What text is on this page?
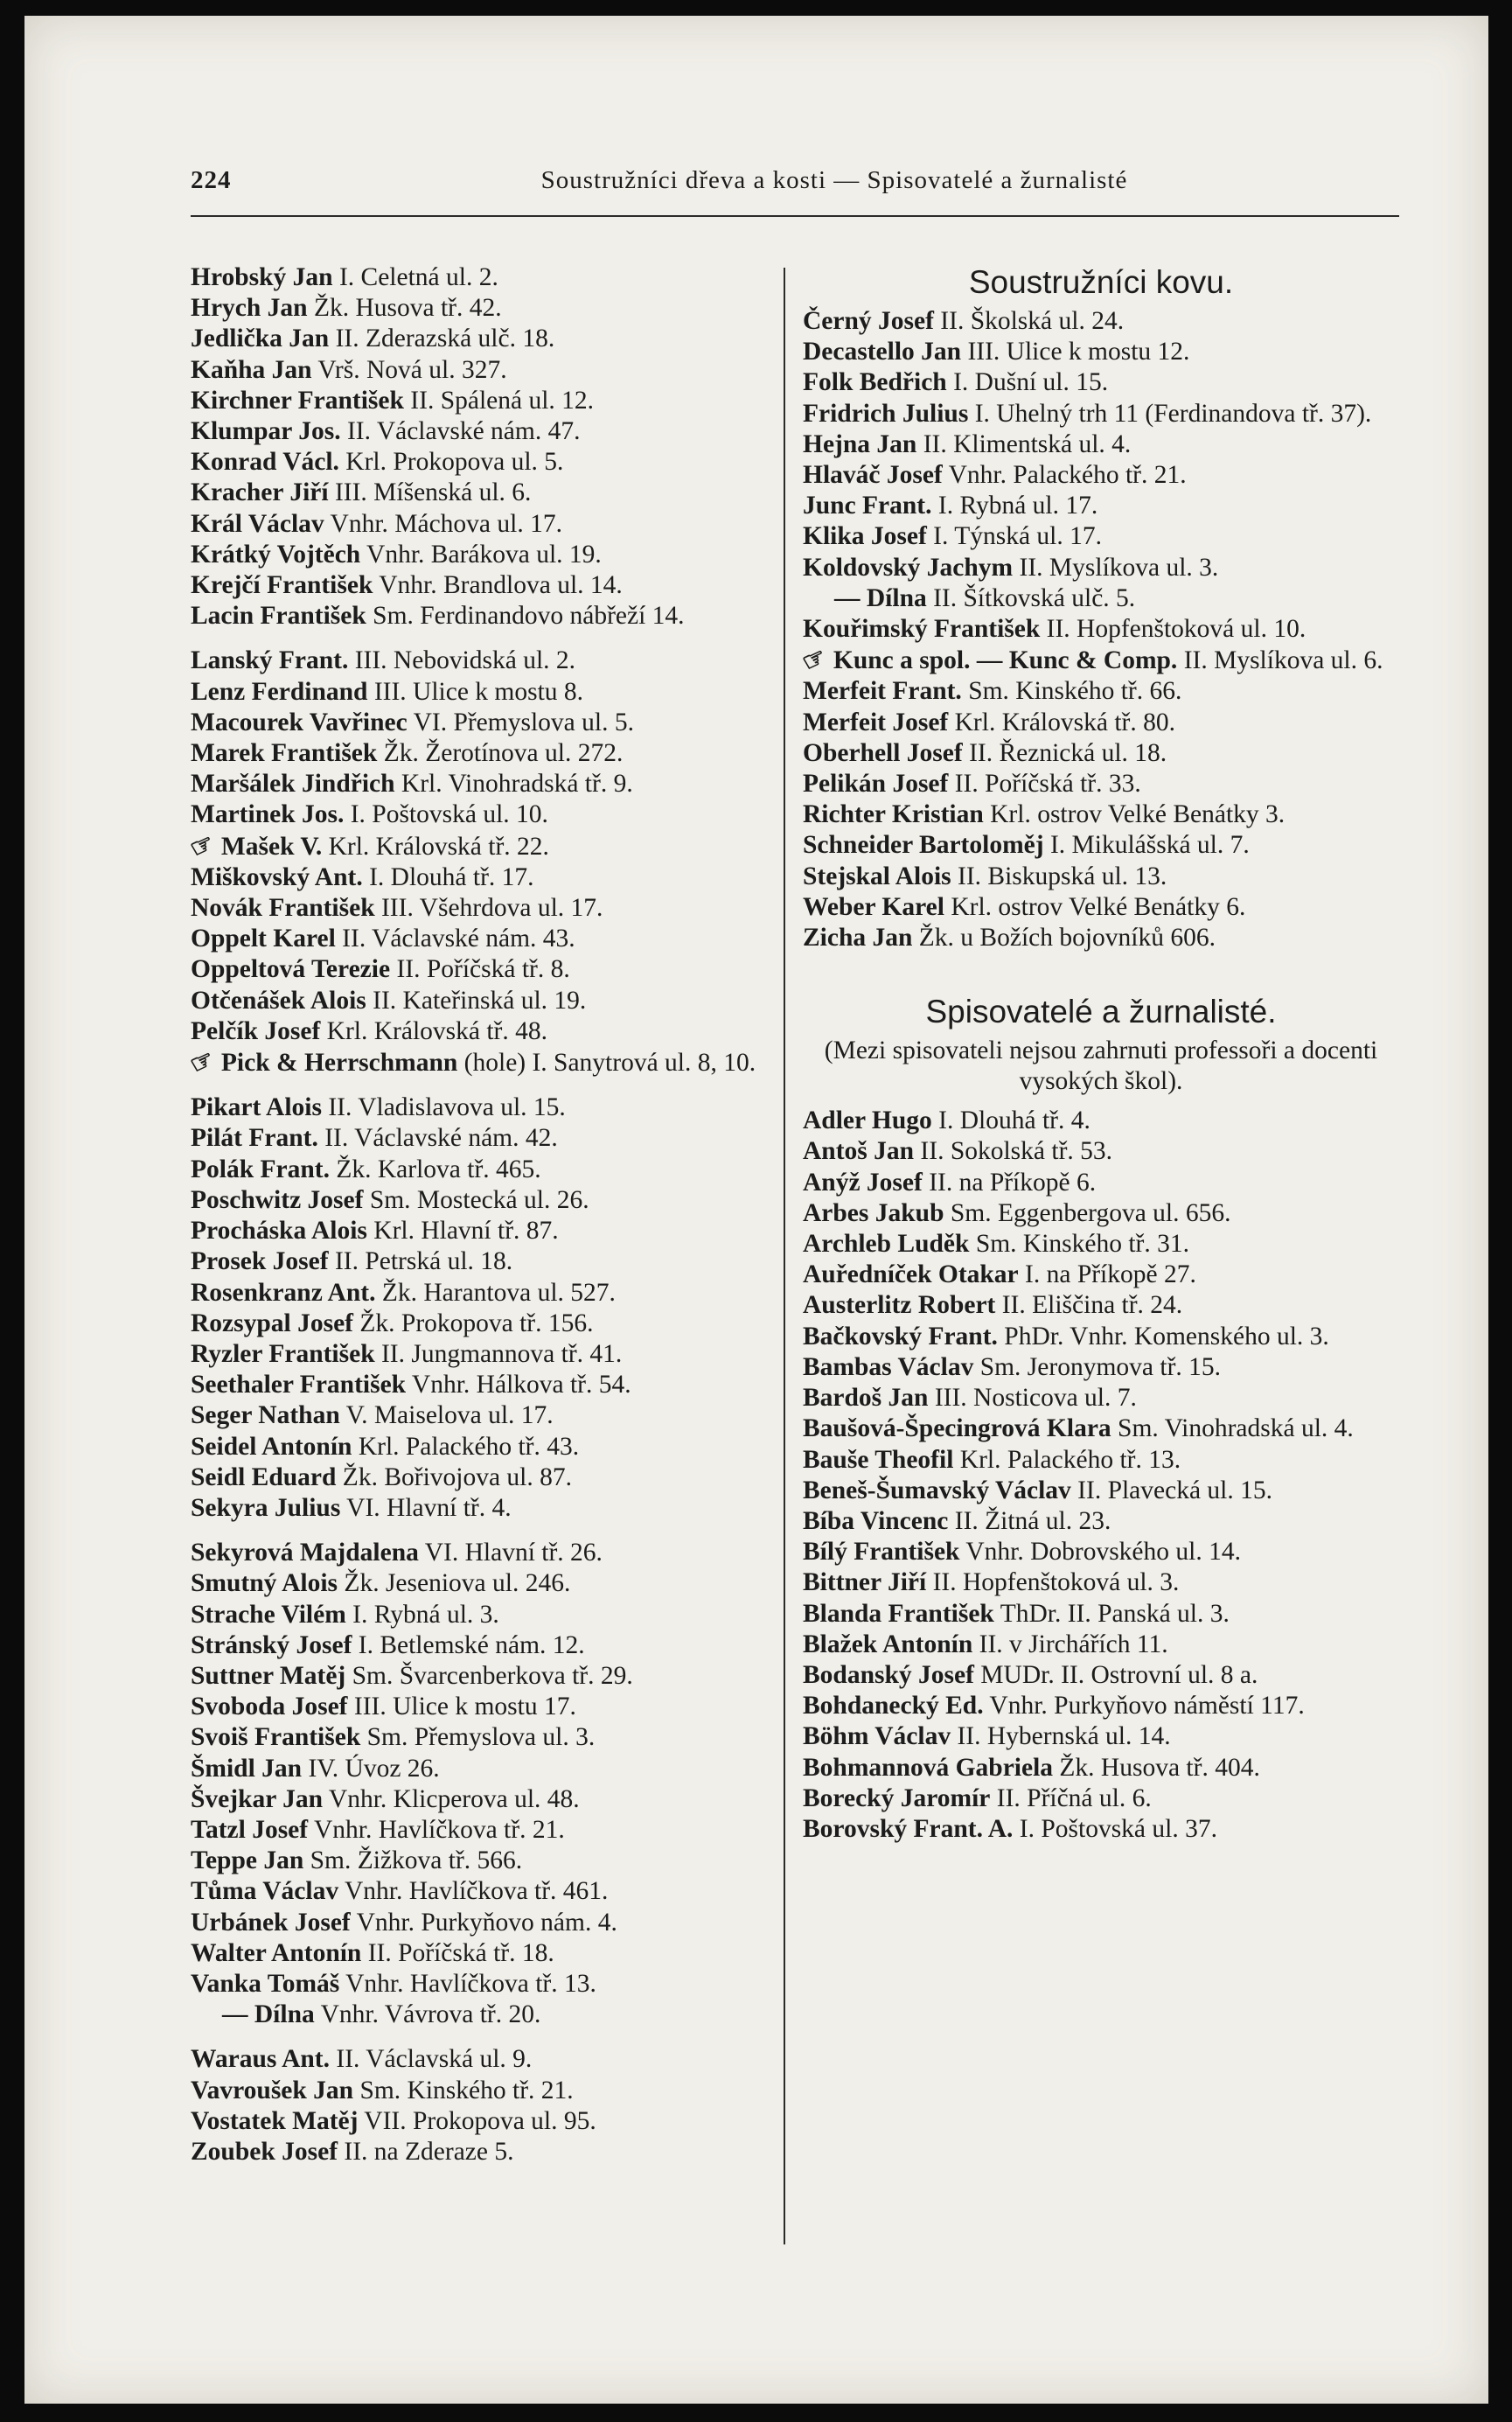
224	Soustružníci dřeva a kosti — Spisovatelé a žurnalisté
Hrobský Jan I. Celetná ul. 2.
Hrych Jan Žk. Husova tř. 42.
Jedlička Jan II. Zderazská ulč. 18.
Kaňha Jan Vrš. Nová ul. 327.
Kirchner František II. Spálená ul. 12.
Klumpar Jos. II. Václavské nám. 47.
Konrad Václ. Krl. Prokopova ul. 5.
Kracher Jiří III. Míšenská ul. 6.
Král Václav Vnhr. Máchova ul. 17.
Krátký Vojtěch Vnhr. Barákova ul. 19.
Krejčí František Vnhr. Brandlova ul. 14.
Lacin František Sm. Ferdinandovo nábřeží 14.
Lanský Frant. III. Nebovidská ul. 2.
Lenz Ferdinand III. Ulice k mostu 8.
Macourek Vavřinec VI. Přemyslova ul. 5.
Marek František Žk. Žerotínova ul. 272.
Maršálek Jindřich Krl. Vinohradská tř. 9.
Martinek Jos. I. Poštovská ul. 10.
☞Mašek V. Krl. Královská tř. 22.
Miškovský Ant. I. Dlouhá tř. 17.
Novák František III. Všehrdova ul. 17.
Oppelt Karel II. Václavské nám. 43.
Oppeltová Terezie II. Poříčská tř. 8.
Otčenášek Alois II. Kateřinská ul. 19.
Pelčík Josef Krl. Královská tř. 48.
☞Pick & Herrschmann (hole) I. Sanytrová ul. 8, 10.
Pikart Alois II. Vladislavova ul. 15.
Pilát Frant. II. Václavské nám. 42.
Polák Frant. Žk. Karlova tř. 465.
Poschwitz Josef Sm. Mostecká ul. 26.
Procháska Alois Krl. Hlavní tř. 87.
Prosek Josef II. Petrská ul. 18.
Rosenkranz Ant. Žk. Harantova ul. 527.
Rozsypal Josef Žk. Prokopova tř. 156.
Ryzler František II. Jungmannova tř. 41.
Seethaler František Vnhr. Hálkova tř. 54.
Seger Nathan V. Maiselova ul. 17.
Seidel Antonín Krl. Palackého tř. 43.
Seidl Eduard Žk. Bořivojova ul. 87.
Sekyra Julius VI. Hlavní tř. 4.
Sekyrová Majdalena VI. Hlavní tř. 26.
Smutný Alois Žk. Jeseniova ul. 246.
Strache Vilém I. Rybná ul. 3.
Stránský Josef I. Betlemské nám. 12.
Suttner Matěj Sm. Švarcenberkova tř. 29.
Svoboda Josef III. Ulice k mostu 17.
Svoiš František Sm. Přemyslova ul. 3.
Šmidl Jan IV. Úvoz 26.
Švejkar Jan Vnhr. Klicperova ul. 48.
Tatzl Josef Vnhr. Havlíčkova tř. 21.
Teppe Jan Sm. Žižkova tř. 566.
Tůma Václav Vnhr. Havlíčkova tř. 461.
Urbánek Josef Vnhr. Purkyňovo nám. 4.
Walter Antonín II. Poříčská tř. 18.
Vanka Tomáš Vnhr. Havlíčkova tř. 13.
— Dílna Vnhr. Vávrova tř. 20.
Waraus Ant. II. Václavská ul. 9.
Vavroušek Jan Sm. Kinského tř. 21.
Vostatek Matěj VII. Prokopova ul. 95.
Zoubek Josef II. na Zderaze 5.
Soustružníci kovu.
Černý Josef II. Školská ul. 24.
Decastello Jan III. Ulice k mostu 12.
Folk Bedřich I. Dušní ul. 15.
Fridrich Julius I. Uhelný trh 11 (Ferdinandova tř. 37).
Hejna Jan II. Klimentská ul. 4.
Hlaváč Josef Vnhr. Palackého tř. 21.
Junc Frant. I. Rybná ul. 17.
Klika Josef I. Týnská ul. 17.
Koldovský Jachym II. Myslíkova ul. 3.
— Dílna II. Šítkovská ulč. 5.
Kouřimský František II. Hopfenštoková ul. 10.
☞Kunc a spol. — Kunc & Comp. II. Myslíkova ul. 6.
Merfeit Frant. Sm. Kinského tř. 66.
Merfeit Josef Krl. Královská tř. 80.
Oberhell Josef II. Řeznická ul. 18.
Pelikán Josef II. Poříčská tř. 33.
Richter Kristian Krl. ostrov Velké Benátky 3.
Schneider Bartoloměj I. Mikulášská ul. 7.
Stejskal Alois II. Biskupská ul. 13.
Weber Karel Krl. ostrov Velké Benátky 6.
Zicha Jan Žk. u Božích bojovníků 606.
Spisovatelé a žurnalisté.
(Mezi spisovateli nejsou zahrnuti professoři a docenti vysokých škol).
Adler Hugo I. Dlouhá tř. 4.
Antoš Jan II. Sokolská tř. 53.
Anýž Josef II. na Příkopě 6.
Arbes Jakub Sm. Eggenbergova ul. 656.
Archleb Luděk Sm. Kinského tř. 31.
Auředníček Otakar I. na Příkopě 27.
Austerlitz Robert II. Eliščina tř. 24.
Bačkovský Frant. PhDr. Vnhr. Komenského ul. 3.
Bambas Václav Sm. Jeronymova tř. 15.
Bardoš Jan III. Nosticova ul. 7.
Baušová-Špecingrová Klara Sm. Vinohradská ul. 4.
Bauše Theofil Krl. Palackého tř. 13.
Beneš-Šumavský Václav II. Plavecká ul. 15.
Bíba Vincenc II. Žitná ul. 23.
Bílý František Vnhr. Dobrovského ul. 14.
Bittner Jiří II. Hopfenštoková ul. 3.
Blanda František ThDr. II. Panská ul. 3.
Blažek Antonín II. v Jirchářích 11.
Bodanský Josef MUDr. II. Ostrovní ul. 8 a.
Bohdanecký Ed. Vnhr. Purkyňovo náměstí 117.
Böhm Václav II. Hybernská ul. 14.
Bohmannová Gabriela Žk. Husova tř. 404.
Borecký Jaromír II. Příčná ul. 6.
Borovský Frant. A. I. Poštovská ul. 37.
